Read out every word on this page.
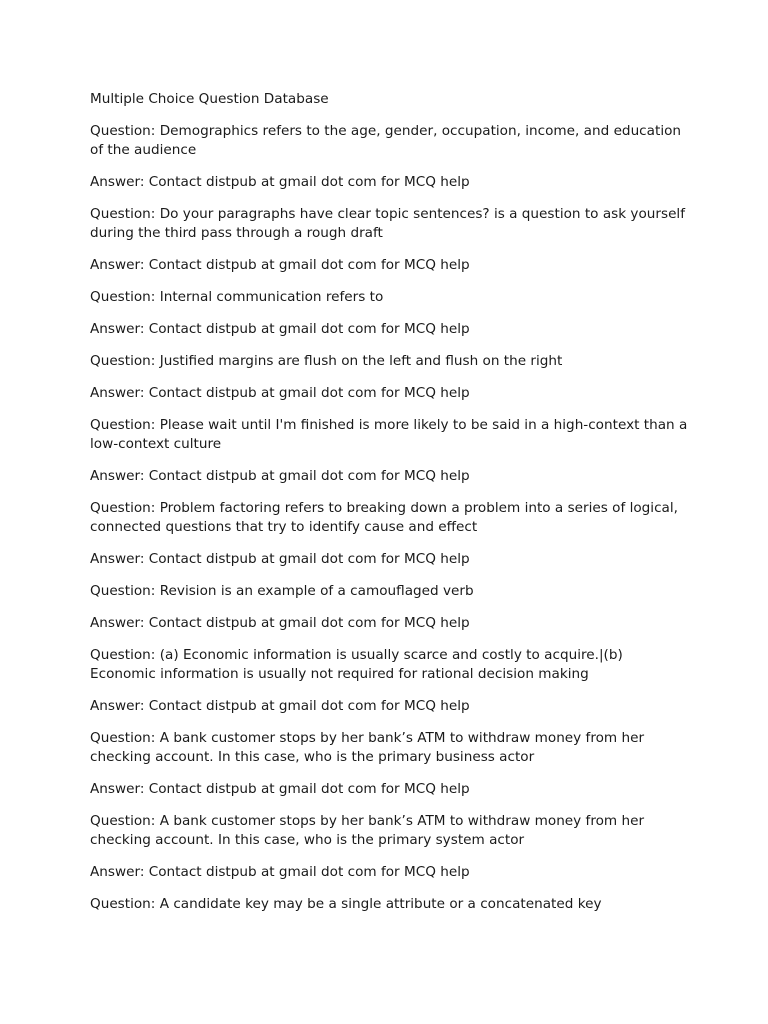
Multiple Choice Question Database

Question: Demographics refers to the age, gender, occupation, income, and education of the audience

Answer: Contact distpub at gmail dot com for MCQ help

Question: Do your paragraphs have clear topic sentences? is a question to ask yourself during the third pass through a rough draft

Answer: Contact distpub at gmail dot com for MCQ help

Question: Internal communication refers to

Answer: Contact distpub at gmail dot com for MCQ help

Question: Justified margins are flush on the left and flush on the right

Answer: Contact distpub at gmail dot com for MCQ help

Question: Please wait until I'm finished is more likely to be said in a high-context than a low-context culture

Answer: Contact distpub at gmail dot com for MCQ help

Question: Problem factoring refers to breaking down a problem into a series of logical, connected questions that try to identify cause and effect

Answer: Contact distpub at gmail dot com for MCQ help

Question: Revision is an example of a camouflaged verb

Answer: Contact distpub at gmail dot com for MCQ help

Question: (a) Economic information is usually scarce and costly to acquire.|(b) Economic information is usually not required for rational decision making

Answer: Contact distpub at gmail dot com for MCQ help

Question: A bank customer stops by her bank’s ATM to withdraw money from her checking account. In this case, who is the primary business actor

Answer: Contact distpub at gmail dot com for MCQ help

Question: A bank customer stops by her bank’s ATM to withdraw money from her checking account. In this case, who is the primary system actor

Answer: Contact distpub at gmail dot com for MCQ help

Question: A candidate key may be a single attribute or a concatenated key
